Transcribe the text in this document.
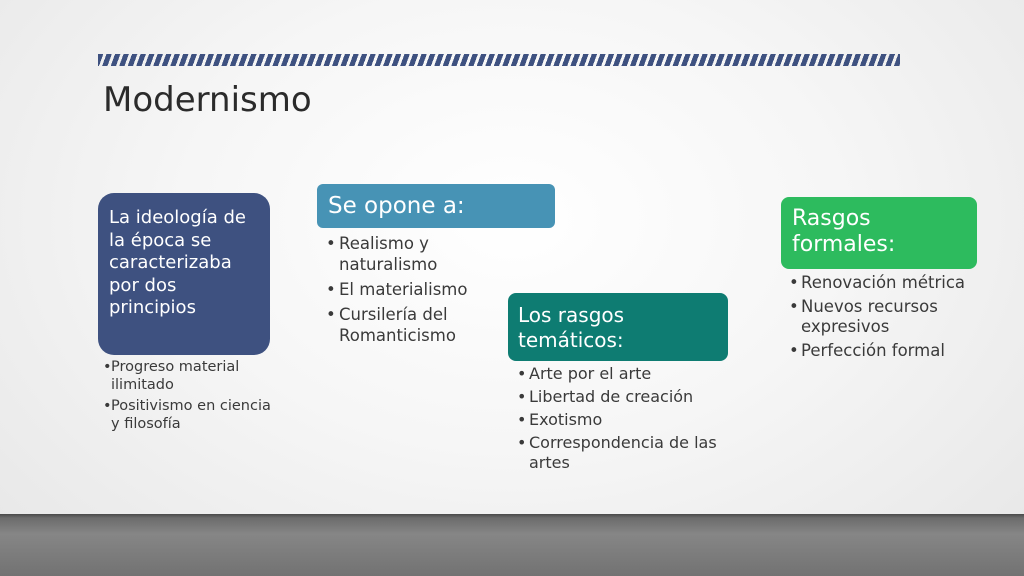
Modernismo
La ideología de la época se caracterizaba por dos principios
• Progreso material ilimitado
• Positivismo en ciencia y filosofía
Se opone a:
• Realismo y naturalismo
• El materialismo
• Cursilería del Romanticismo
Los rasgos temáticos:
• Arte por el arte
• Libertad de creación
• Exotismo
• Correspondencia de las artes
Rasgos formales:
• Renovación métrica
• Nuevos recursos expresivos
• Perfección formal
